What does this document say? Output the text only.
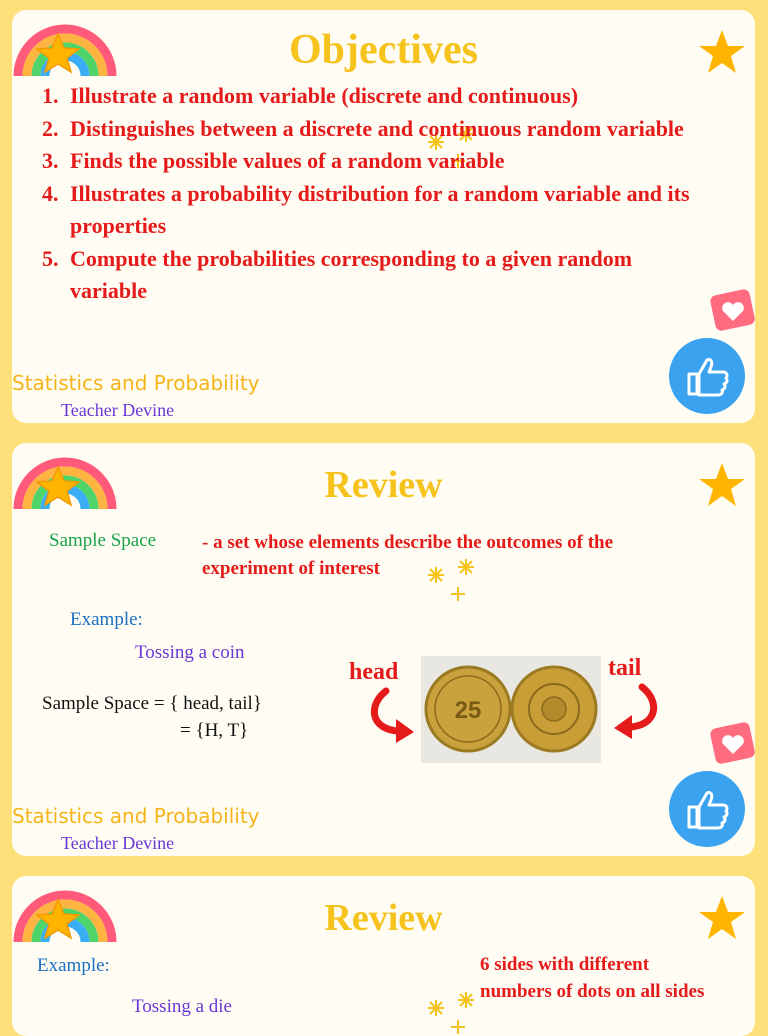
Objectives
1. Illustrate a random variable (discrete and continuous)
2. Distinguishes between a discrete and continuous random variable
3. Finds the possible values of a random variable
4. Illustrates a probability distribution for a random variable and its properties
5. Compute the probabilities corresponding to a given random variable
Statistics and Probability
Teacher Devine
Review
Sample Space - a set whose elements describe the outcomes of the experiment of interest
Example:
Tossing a coin
Sample Space = { head, tail}
= {H, T}
head	tail
25
Statistics and Probability
Teacher Devine
Review
Example:
Tossing a die
6 sides with different numbers of dots on all sides
